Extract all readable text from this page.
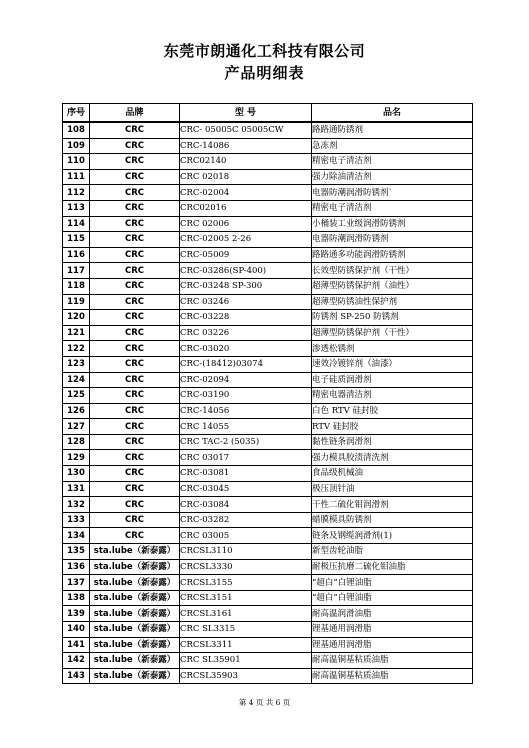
东莞市朗通化工科技有限公司
产品明细表
序号	品牌	型 号	品名
108	CRC	CRC- 05005C 05005CW	路路通防锈剂
109	CRC	CRC-14086	急冻剂
110	CRC	CRC02140	精密电子清洁剂
111	CRC	CRC 02018	强力除油清洁剂
112	CRC	CRC-02004	电器防潮润滑防锈剂`
113	CRC	CRC02016	精密电子清洁剂
114	CRC	CRC 02006	小桶装工业级润滑防锈剂
115	CRC	CRC-02005 2-26	电器防潮润滑防锈剂
116	CRC	CRC-05009	路路通多功能润滑防锈剂
117	CRC	CRC-03286(SP-400)	长效型防锈保护剂（干性）
118	CRC	CRC-03248 SP-300	超薄型防锈保护剂（油性）
119	CRC	CRC 03246	超薄型防锈油性保护剂
120	CRC	CRC-03228	防锈剂 SP-250 防锈剂
121	CRC	CRC 03226	超薄型防锈保护剂（干性）
122	CRC	CRC-03020	渗透松锈剂
123	CRC	CRC-(18412)03074	速效冷镀锌剂（油漆）
124	CRC	CRC-02094	电子硅质润滑剂
125	CRC	CRC-03190	精密电器清洁剂
126	CRC	CRC-14056	白色 RTV 硅封胶
127	CRC	CRC 14055	RTV 硅封胶
128	CRC	CRC TAC-2 (5035)	黏性链条润滑剂
129	CRC	CRC 03017	强力模具胶渍清洗剂
130	CRC	CRC-03081	食品级机械油
131	CRC	CRC-03045	极压顶针油
132	CRC	CRC-03084	干性二硫化钼润滑剂
133	CRC	CRC-03282	蜡膜模具防锈剂
134	CRC	CRC 03005	链条及钢缆润滑剂(1)
135	sta.lube（新泰露）	CRCSL3110	新型齿轮油脂
136	sta.lube（新泰露）	CRCSL3330	耐极压抗磨二硫化钼油脂
137	sta.lube（新泰露）	CRCSL3155	“超白”白锂油脂
138	sta.lube（新泰露）	CRCSL3151	“超白”白锂油脂
139	sta.lube（新泰露）	CRCSL3161	耐高温润滑油脂
140	sta.lube（新泰露）	CRC SL3315	锂基通用润滑脂
141	sta.lube（新泰露）	CRCSL3311	锂基通用润滑脂
142	sta.lube（新泰露）	CRC SL35901	耐高温铜基粘质油脂
143	sta.lube（新泰露）	CRCSL35903	耐高温铜基粘质油脂
第 4 页 共 6 页
